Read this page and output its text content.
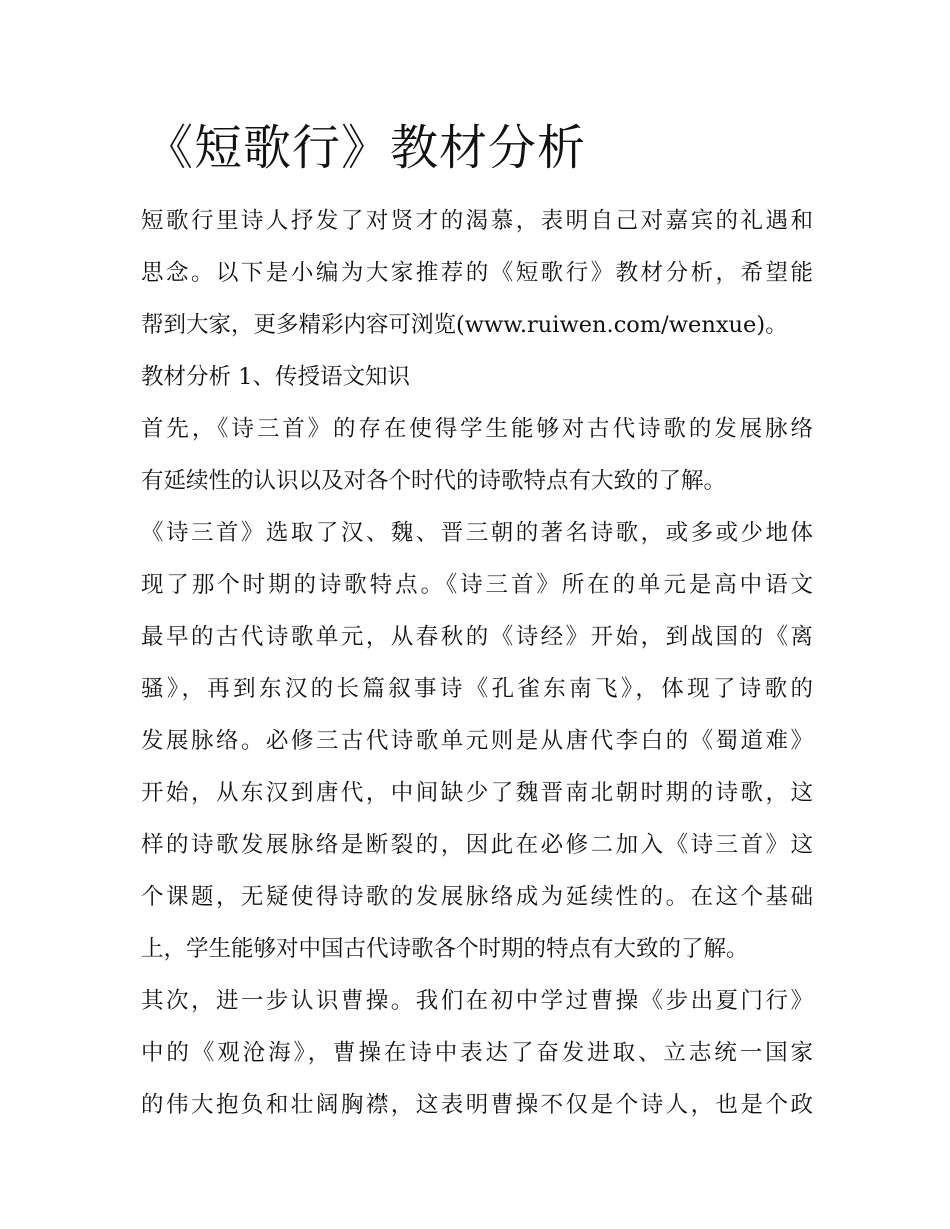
《短歌行》教材分析
短歌行里诗人抒发了对贤才的渴慕，表明自己对嘉宾的礼遇和
思念。以下是小编为大家推荐的《短歌行》教材分析，希望能
帮到大家，更多精彩内容可浏览(www.ruiwen.com/wenxue)。
教材分析 1、传授语文知识
首先，《诗三首》的存在使得学生能够对古代诗歌的发展脉络
有延续性的认识以及对各个时代的诗歌特点有大致的了解。
《诗三首》选取了汉、魏、晋三朝的著名诗歌，或多或少地体
现了那个时期的诗歌特点。《诗三首》所在的单元是高中语文
最早的古代诗歌单元，从春秋的《诗经》开始，到战国的《离
骚》，再到东汉的长篇叙事诗《孔雀东南飞》，体现了诗歌的
发展脉络。必修三古代诗歌单元则是从唐代李白的《蜀道难》
开始，从东汉到唐代，中间缺少了魏晋南北朝时期的诗歌，这
样的诗歌发展脉络是断裂的，因此在必修二加入《诗三首》这
个课题，无疑使得诗歌的发展脉络成为延续性的。在这个基础
上，学生能够对中国古代诗歌各个时期的特点有大致的了解。
其次，进一步认识曹操。我们在初中学过曹操《步出夏门行》
中的《观沧海》，曹操在诗中表达了奋发进取、立志统一国家
的伟大抱负和壮阔胸襟，这表明曹操不仅是个诗人，也是个政
